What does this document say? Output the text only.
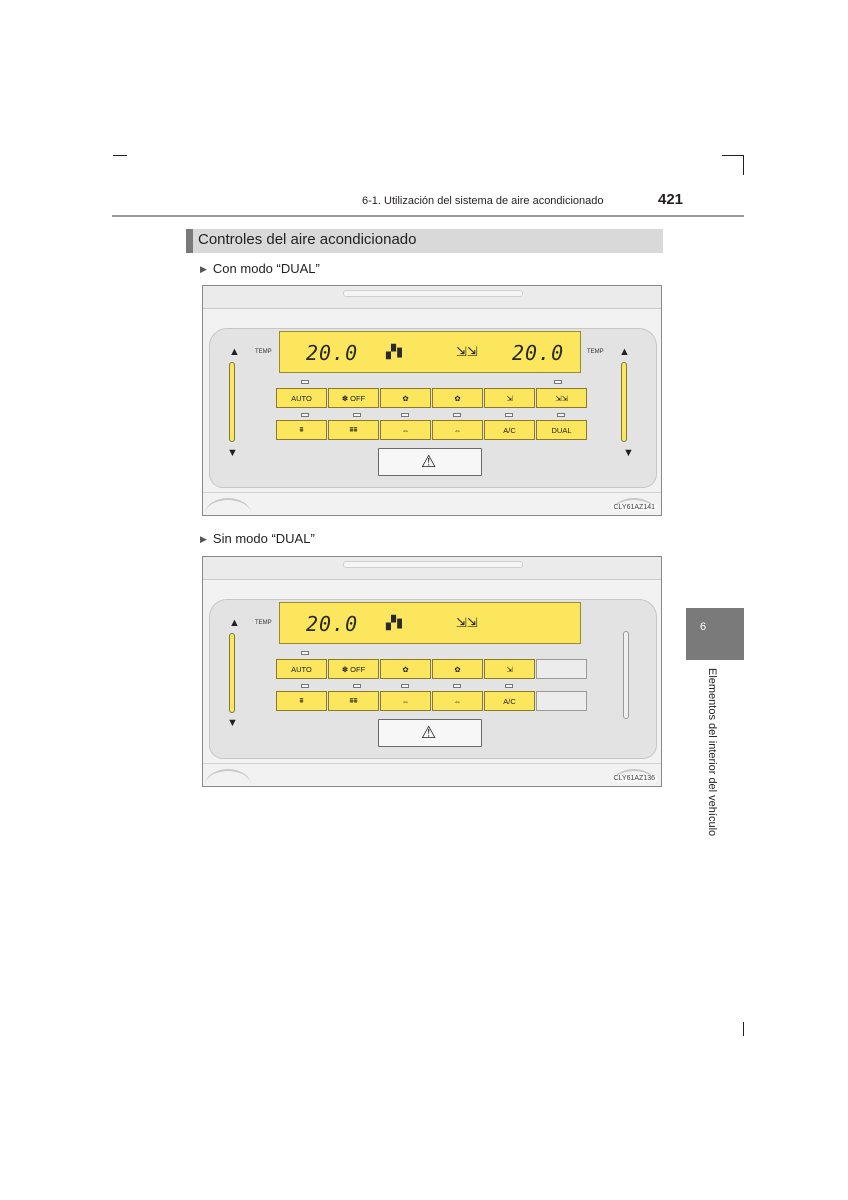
6-1. Utilización del sistema de aire acondicionado	421
Controles del aire acondicionado
▶ Con modo “DUAL”
TEMP	TEMP
▲
▼
▲
▼
20.0 ▞▮	⇲⇲ 20.0
AUTO	✽ OFF	✿	✿	⇲	⇲⇲
⩩	⩩⩩	⇔	⇔	A/C	DUAL
⚠
CLY61AZ141
▶ Sin modo “DUAL”
TEMP
▲
▼
20.0 ▞▮	⇲⇲
AUTO	✽ OFF	✿	✿	⇲
⩩	⩩⩩	⇔	⇔	A/C
⚠
CLY61AZ136
6
Elementos del interior del vehículo
